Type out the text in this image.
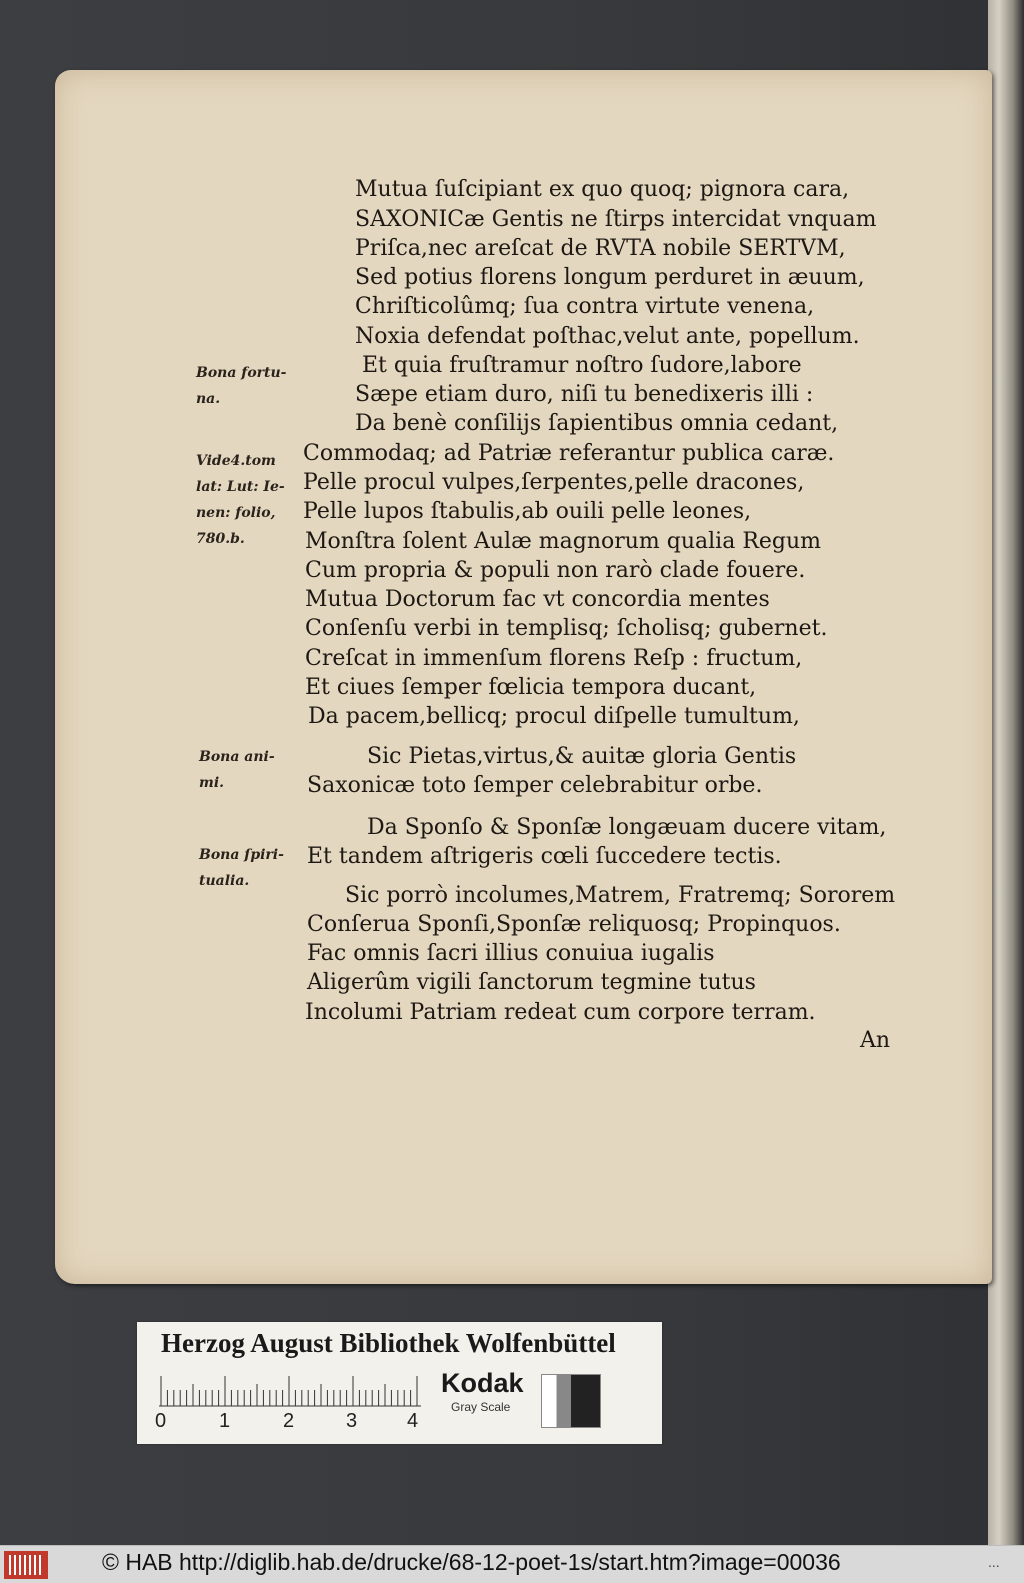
Mutua ſuſcipiant ex quo quoq; pignora cara,
SAXONICæ Gentis ne ſtirps intercidat vnquam
Priſca,nec areſcat de RVTA nobile SERTVM,
Sed potius florens longum perduret in æuum,
Chriſticolûmq; ſua contra virtute venena,
Noxia defendat poſthac,velut ante, popellum.
Et quia fruſtramur noſtro ſudore,labore
Sæpe etiam duro, niſi tu benedixeris illi :
Da benè conſilijs ſapientibus omnia cedant,
Commodaq; ad Patriæ referantur publica caræ.
Pelle procul vulpes,ſerpentes,pelle dracones,
Pelle lupos ſtabulis,ab ouili pelle leones,
Monſtra ſolent Aulæ magnorum qualia Regum
Cum propria & populi non rarò clade fouere.
Mutua Doctorum fac vt concordia mentes
Conſenſu verbi in templisq; ſcholisq; gubernet.
Creſcat in immenſum florens Reſp : fructum,
Et ciues ſemper fœlicia tempora ducant,
Da pacem,bellicq; procul diſpelle tumultum,
Sic Pietas,virtus,& auitæ gloria Gentis
Saxonicæ toto ſemper celebrabitur orbe.
Da Sponſo & Sponſæ longæuam ducere vitam,
Et tandem aſtrigeris cœli ſuccedere tectis.
Sic porrò incolumes,Matrem, Fratremq; Sororem
Conſerua Sponſi,Sponſæ reliquosq; Propinquos.
Fac omnis ſacri illius conuiua iugalis
Aligerûm vigili ſanctorum tegmine tutus
Incolumi Patriam redeat cum corpore terram.
Bona fortu-
na.
Vide4.tom
lat: Lut: Ie-
nen: folio,
780.b.
Bona ani-
mi.
Bona ſpiri-
tualia.
An
Herzog August Bibliothek Wolfenbüttel
0	1	2	3 4
Kodak
Gray Scale
© HAB http://diglib.hab.de/drucke/68-12-poet-1s/start.htm?image=00036	...
